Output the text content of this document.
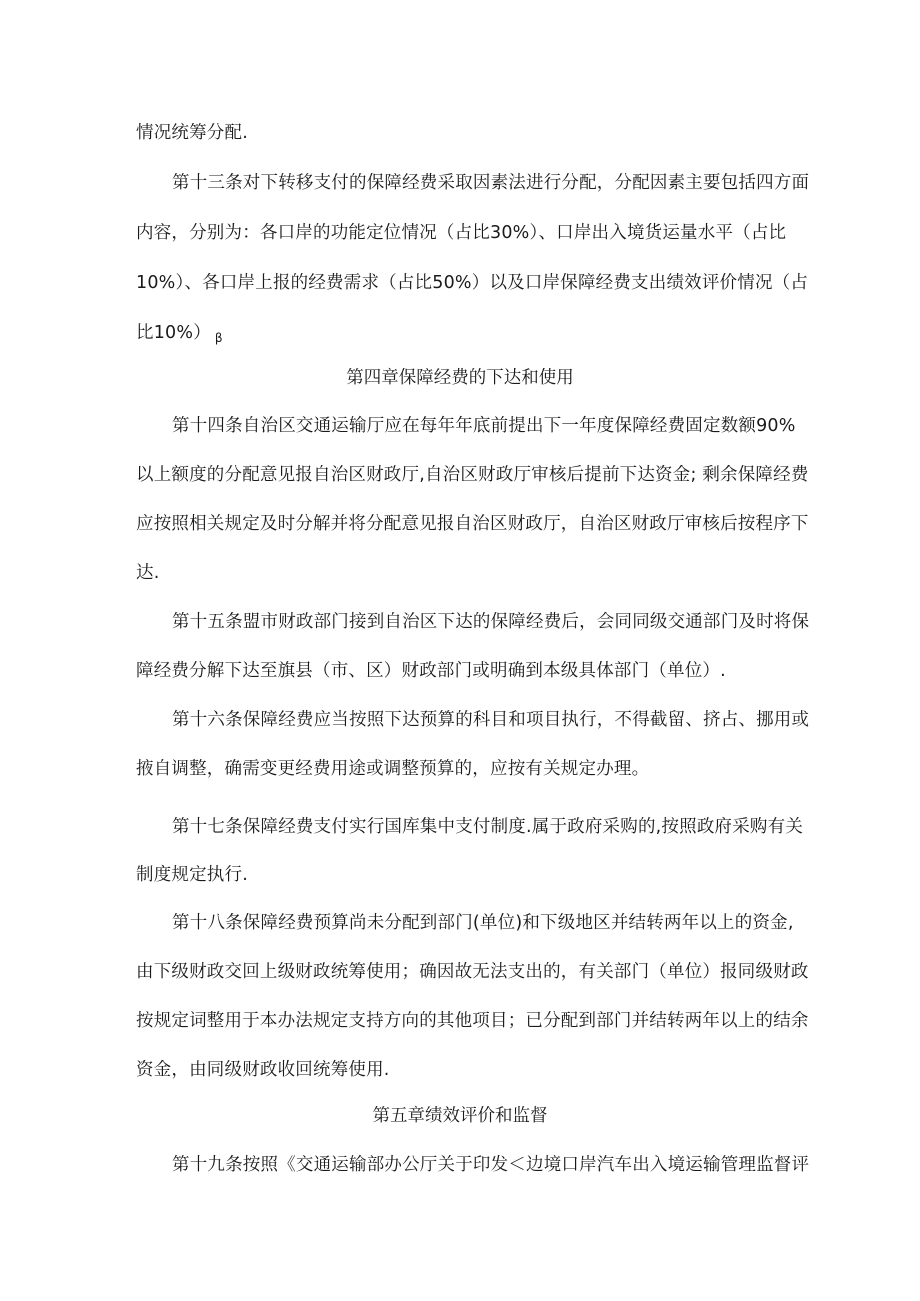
情况统筹分配.
第十三条对下转移支付的保障经费采取因素法进行分配，分配因素主要包括四方面
内容，分别为：各口岸的功能定位情况（占比30%）、口岸出入境货运量水平（占比
10%）、各口岸上报的经费需求（占比50%）以及口岸保障经费支出绩效评价情况（占
比10%） $_\beta$
第四章保障经费的下达和使用
第十四条自治区交通运输厅应在每年年底前提出下一年度保障经费固定数额90%
以上额度的分配意见报自治区财政厅,自治区财政厅审核后提前下达资金; 剩余保障经费
应按照相关规定及时分解并将分配意见报自治区财政厅，自治区财政厅审核后按程序下
达.
第十五条盟市财政部门接到自治区下达的保障经费后，会同同级交通部门及时将保
障经费分解下达至旗县（市、区）财政部门或明确到本级具体部门（单位）.
第十六条保障经费应当按照下达预算的科目和项目执行，不得截留、挤占、挪用或
掖自调整，确需变更经费用途或调整预算的，应按有关规定办理。
第十七条保障经费支付实行国库集中支付制度.属于政府采购的,按照政府采购有关
制度规定执行.
第十八条保障经费预算尚未分配到部门(单位)和下级地区并结转两年以上的资金,
由下级财政交回上级财政统筹使用；确因故无法支出的，有关部门（单位）报同级财政
按规定词整用于本办法规定支持方向的其他项目；已分配到部门并结转两年以上的结余
资金，由同级财政收回统筹使用.
第五章绩效评价和监督
第十九条按照《交通运输部办公厅关于印发＜边境口岸汽车出入境运输管理监督评
